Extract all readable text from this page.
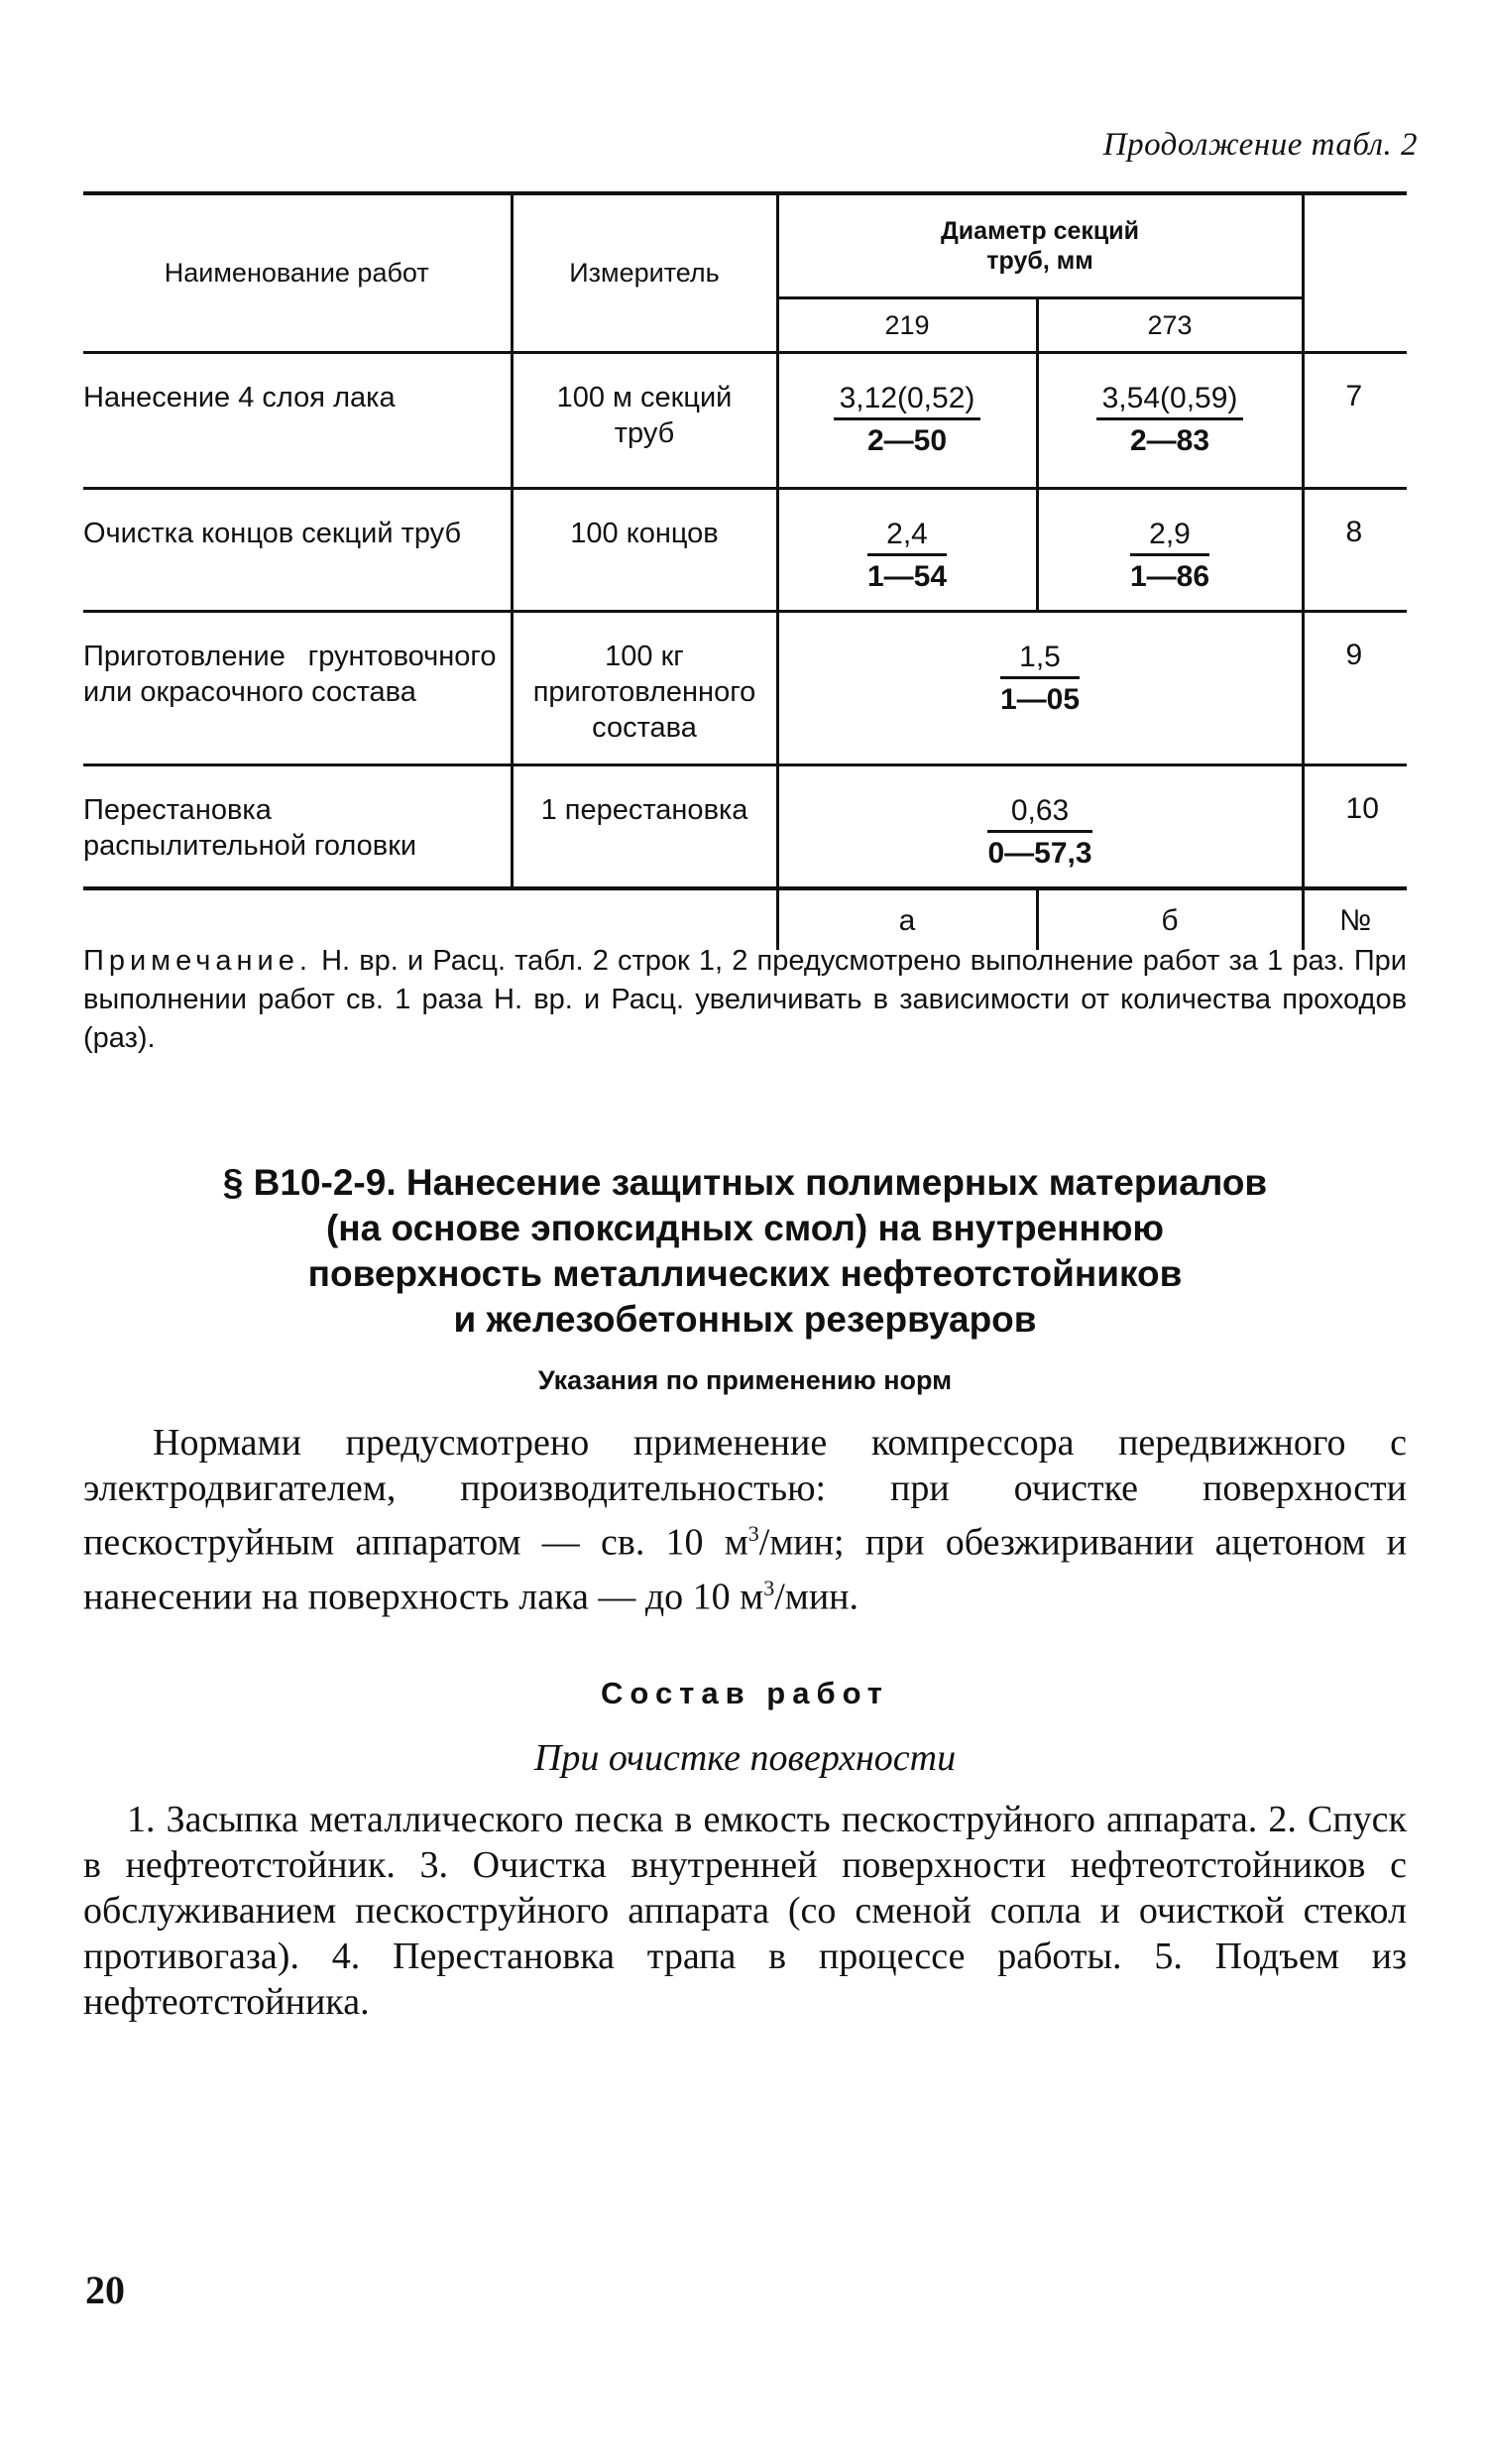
Продолжение табл. 2
Наименование работ	Измеритель	Диаметр секций
труб, мм		
		219	273	
Нанесение 4 слоя лака	100 м секций труб	$\frac{3,12(0,52)}{2—50}$	$\frac{3,54(0,59)}{2—83}$	7
Очистка концов секций труб	100 концов	$\frac{2,4}{1—54}$	$\frac{2,9}{1—86}$	8
Приготовление грунтовочного или окрасочного состава	100 кг приготовленного состава	$\frac{1,5}{1—05}$		9
Перестановка распылительной головки	1 перестановка	$\frac{0,63}{0—57,3}$		10
		а	б	№
Примечание. Н. вр. и Расц. табл. 2 строк 1, 2 предусмотрено выполнение работ за 1 раз. При выполнении работ св. 1 раза Н. вр. и Расц. увеличивать в зависимости от количества проходов (раз).
§ В10-2-9. Нанесение защитных полимерных материалов
(на основе эпоксидных смол) на внутреннюю
поверхность металлических нефтеотстойников
и железобетонных резервуаров
Указания по применению норм
Нормами предусмотрено применение компрессора передвижного с электродвигателем, производительностью: при очистке поверхности пескоструйным аппаратом — св. 10 $м^3$/мин; при обезжиривании ацетоном и нанесении на поверхность лака — до 10 $м^3$/мин.
Состав работ
При очистке поверхности
1. Засыпка металлического песка в емкость пескоструйного аппарата. 2. Спуск в нефтеотстойник. 3. Очистка внутренней поверхности нефтеотстойников с обслуживанием пескоструйного аппарата (со сменой сопла и очисткой стекол противогаза). 4. Перестановка трапа в процессе работы. 5. Подъем из нефтеотстойника.
20
